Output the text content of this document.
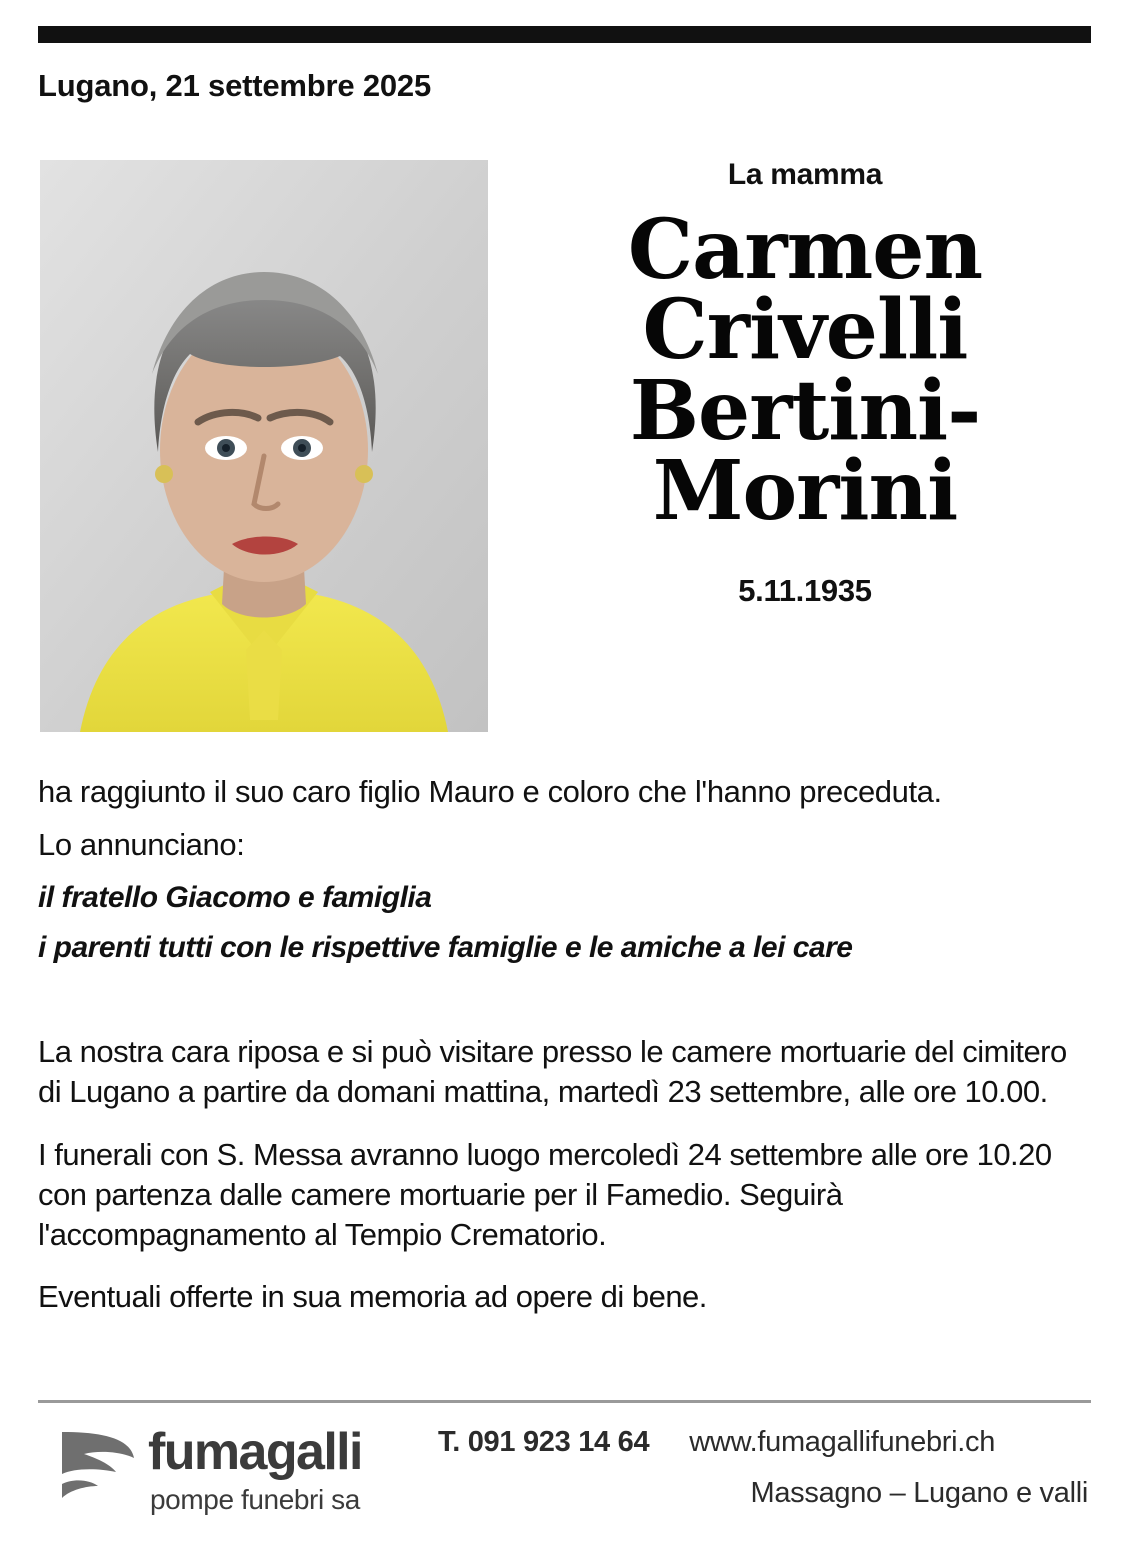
Lugano, 21 settembre 2025
La mamma
Carmen Crivelli Bertini-Morini
5.11.1935

ha raggiunto il suo caro figlio Mauro e coloro che l'hanno preceduta.

Lo annunciano:

il fratello Giacomo e famiglia

i parenti tutti con le rispettive famiglie e le amiche a lei care

La nostra cara riposa e si può visitare presso le camere mortuarie del cimitero di Lugano a partire da domani mattina, martedì 23 settembre, alle ore 10.00.

I funerali con S. Messa avranno luogo mercoledì 24 settembre alle ore 10.20 con partenza dalle camere mortuarie per il Famedio. Seguirà l'accompagnamento al Tempio Crematorio.

Eventuali offerte in sua memoria ad opere di bene.

fumagalli
pompe funebri sa
T. 091 923 14 64 www.fumagallifunebri.ch
Massagno – Lugano e valli
